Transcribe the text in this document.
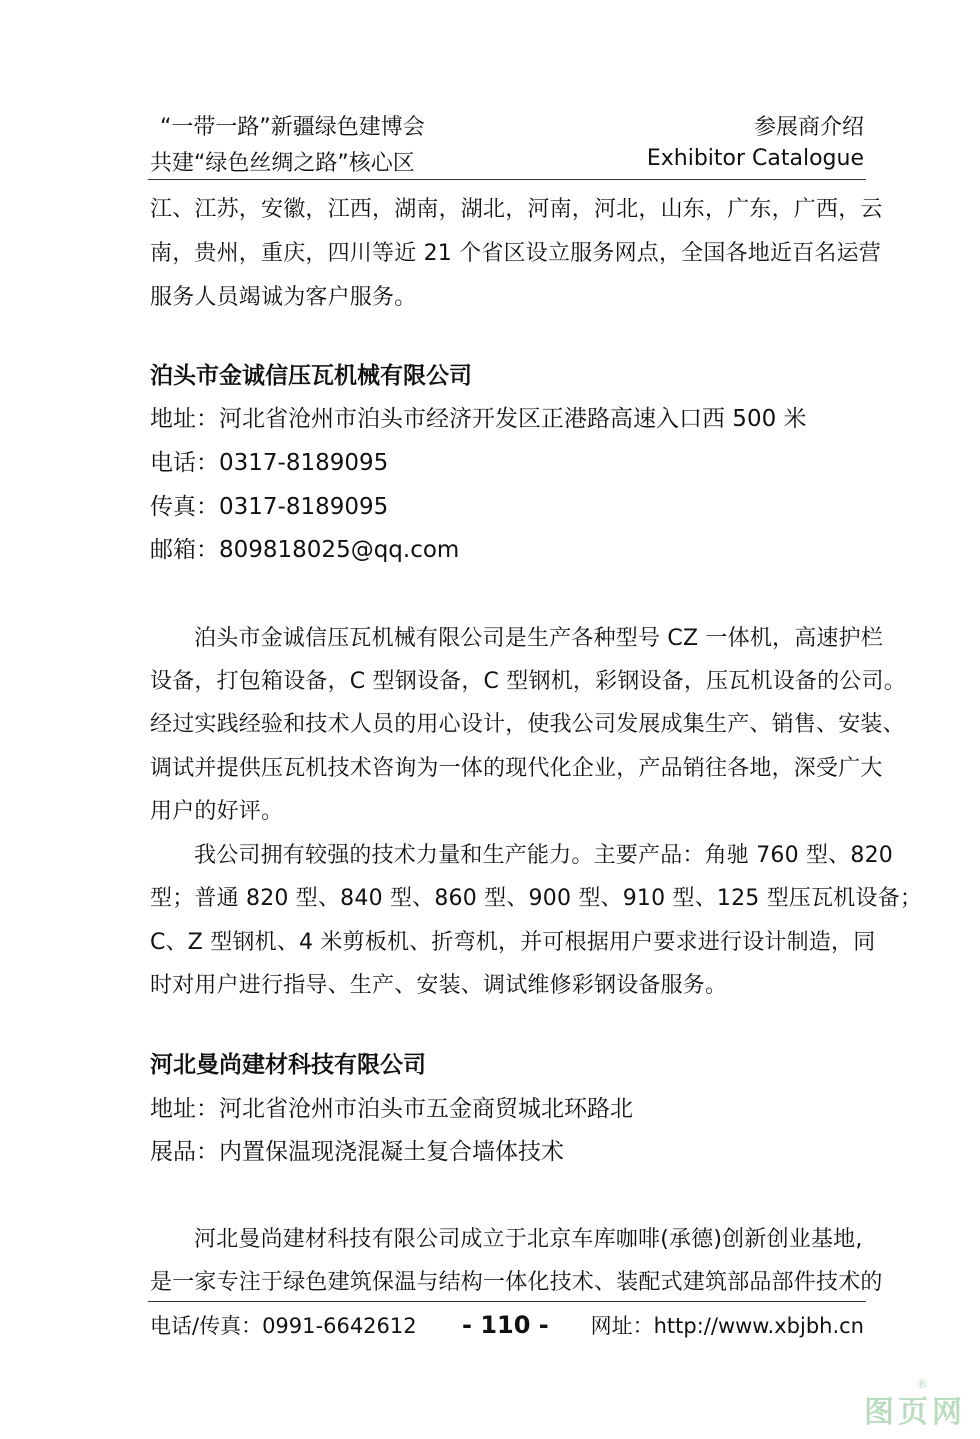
“一带一路”新疆绿色建博会	参展商介绍
共建“绿色丝绸之路”核心区	Exhibitor Catalogue
江、江苏，安徽，江西，湖南，湖北，河南，河北，山东，广东，广西，云
南，贵州，重庆，四川等近 21 个省区设立服务网点，全国各地近百名运营
服务人员竭诚为客户服务。
泊头市金诚信压瓦机械有限公司
地址：河北省沧州市泊头市经济开发区正港路高速入口西 500 米
电话：0317-8189095
传真：0317-8189095
邮箱：809818025@qq.com
泊头市金诚信压瓦机械有限公司是生产各种型号 CZ 一体机，高速护栏
设备，打包箱设备，C 型钢设备，C 型钢机，彩钢设备，压瓦机设备的公司。
经过实践经验和技术人员的用心设计，使我公司发展成集生产、销售、安装、
调试并提供压瓦机技术咨询为一体的现代化企业，产品销往各地，深受广大
用户的好评。
我公司拥有较强的技术力量和生产能力。主要产品：角驰 760 型、820
型；普通 820 型、840 型、860 型、900 型、910 型、125 型压瓦机设备；
C、Z 型钢机、4 米剪板机、折弯机，并可根据用户要求进行设计制造，同
时对用户进行指导、生产、安装、调试维修彩钢设备服务。
河北曼尚建材科技有限公司
地址：河北省沧州市泊头市五金商贸城北环路北
展品：内置保温现浇混凝土复合墙体技术
河北曼尚建材科技有限公司成立于北京车库咖啡(承德)创新创业基地,
是一家专注于绿色建筑保温与结构一体化技术、装配式建筑部品部件技术的
电话/传真：0991-6642612 - 110 - 网址：http://www.xbjbh.cn
®
图页网
